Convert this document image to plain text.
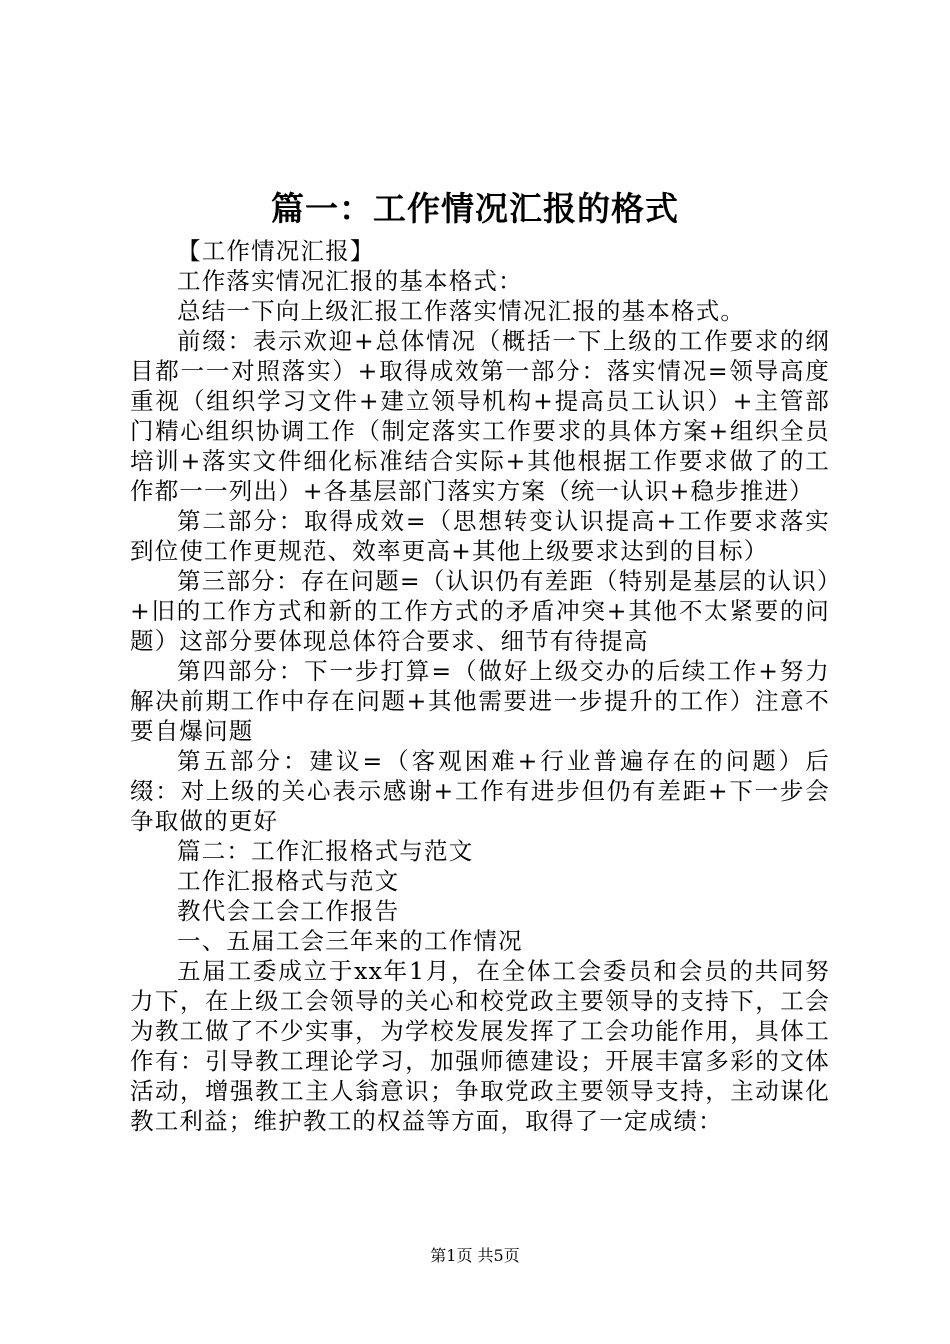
篇一：工作情况汇报的格式

【工作情况汇报】

工作落实情况汇报的基本格式：

总结一下向上级汇报工作落实情况汇报的基本格式。

前缀：表示欢迎+总体情况（概括一下上级的工作要求的纲目都一一对照落实）+取得成效第一部分：落实情况=领导高度重视（组织学习文件+建立领导机构+提高员工认识）+主管部门精心组织协调工作（制定落实工作要求的具体方案+组织全员培训+落实文件细化标准结合实际+其他根据工作要求做了的工作都一一列出）+各基层部门落实方案（统一认识+稳步推进）

第二部分：取得成效=（思想转变认识提高+工作要求落实到位使工作更规范、效率更高+其他上级要求达到的目标）

第三部分：存在问题=（认识仍有差距（特别是基层的认识）+旧的工作方式和新的工作方式的矛盾冲突+其他不太紧要的问题）这部分要体现总体符合要求、细节有待提高

第四部分：下一步打算=（做好上级交办的后续工作+努力解决前期工作中存在问题+其他需要进一步提升的工作）注意不要自爆问题

第五部分：建议=（客观困难+行业普遍存在的问题）后缀：对上级的关心表示感谢+工作有进步但仍有差距+下一步会争取做的更好

篇二：工作汇报格式与范文

工作汇报格式与范文

教代会工会工作报告

一、五届工会三年来的工作情况

五届工委成立于xx年1月，在全体工会委员和会员的共同努力下，在上级工会领导的关心和校党政主要领导的支持下，工会为教工做了不少实事，为学校发展发挥了工会功能作用，具体工作有：引导教工理论学习，加强师德建设；开展丰富多彩的文体活动，增强教工主人翁意识；争取党政主要领导支持，主动谋化教工利益；维护教工的权益等方面，取得了一定成绩：

第1页 共5页
